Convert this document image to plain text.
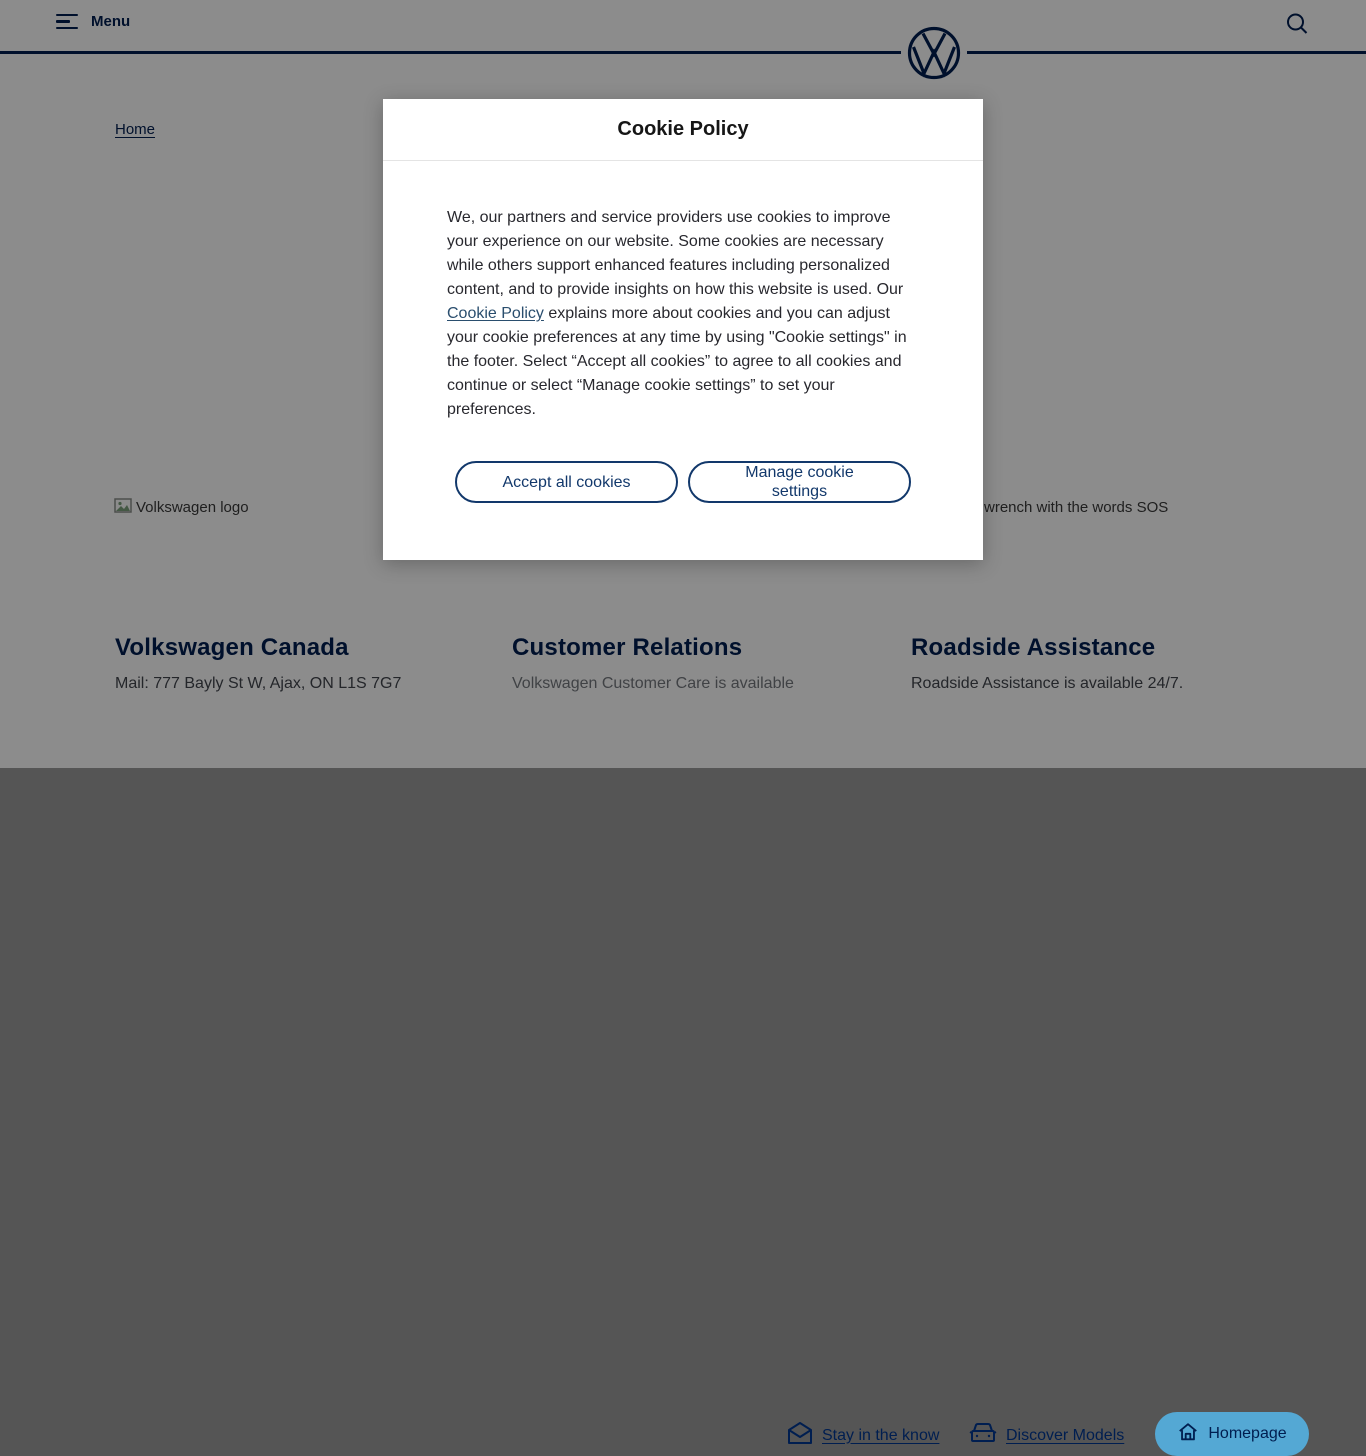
Menu
Home
Volkswagen logo	wrench with the words SOS
Volkswagen Canada
Mail: 777 Bayly St W, Ajax, ON L1S 7G7
Customer Relations
Volkswagen Customer Care is available
Roadside Assistance
Roadside Assistance is available 24/7.
Stay in the know	Discover Models	Homepage
Cookie Policy
We, our partners and service providers use cookies to improve your experience on our website. Some cookies are necessary while others support enhanced features including personalized content, and to provide insights on how this website is used. Our Cookie Policy explains more about cookies and you can adjust your cookie preferences at any time by using "Cookie settings" in the footer. Select “Accept all cookies” to agree to all cookies and continue or select “Manage cookie settings” to set your preferences.
Accept all cookies
Manage cookie settings
